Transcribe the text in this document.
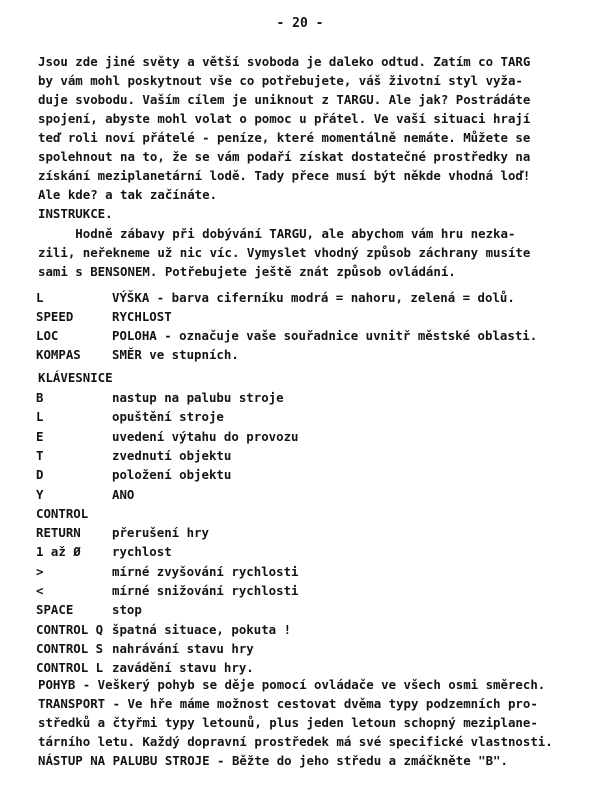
- 20 -
Jsou zde jiné světy a větší svoboda je daleko odtud. Zatím co TARG
by vám mohl poskytnout vše co potřebujete, váš životní styl vyža-
duje svobodu. Vaším cílem je uniknout z TARGU. Ale jak? Postrádáte
spojení, abyste mohl volat o pomoc u přátel. Ve vaší situaci hrají
teď roli noví přátelé - peníze, které momentálně nemáte. Můžete se
spolehnout na to, že se vám podaří získat dostatečné prostředky na
získání meziplanetární lodě. Tady přece musí být někde vhodná loď!
Ale kde? a tak začínáte.
INSTRUKCE.
Hodně zábavy při dobývání TARGU, ale abychom vám hru nezka-
zili, neřekneme už nic víc. Vymyslet vhodný způsob záchrany musíte
sami s BENSONEM. Potřebujete ještě znát způsob ovládání.
L	VÝŠKA - barva ciferníku modrá = nahoru, zelená = dolů.
SPEED	RYCHLOST
LOC	POLOHA - označuje vaše souřadnice uvnitř městské oblasti.
KOMPAS	SMĚR ve stupních.
KLÁVESNICE
B	nastup na palubu stroje
L	opuštění stroje
E	uvedení výtahu do provozu
T	zvednutí objektu
D	položení objektu
Y	ANO
CONTROL
RETURN	přerušení hry
1 až Ø	rychlost
>	mírné zvyšování rychlosti
<	mírné snižování rychlosti
SPACE	stop
CONTROL Q špatná situace, pokuta !
CONTROL S nahrávání stavu hry
CONTROL L zavádění stavu hry.
POHYB - Veškerý pohyb se děje pomocí ovládače ve všech osmi směrech.
TRANSPORT - Ve hře máme možnost cestovat dvěma typy podzemních pro-
středků a čtyřmi typy letounů, plus jeden letoun schopný meziplane-
tárního letu. Každý dopravní prostředek má své specifické vlastnosti.
NÁSTUP NA PALUBU STROJE - Běžte do jeho středu a zmáčkněte "B".
